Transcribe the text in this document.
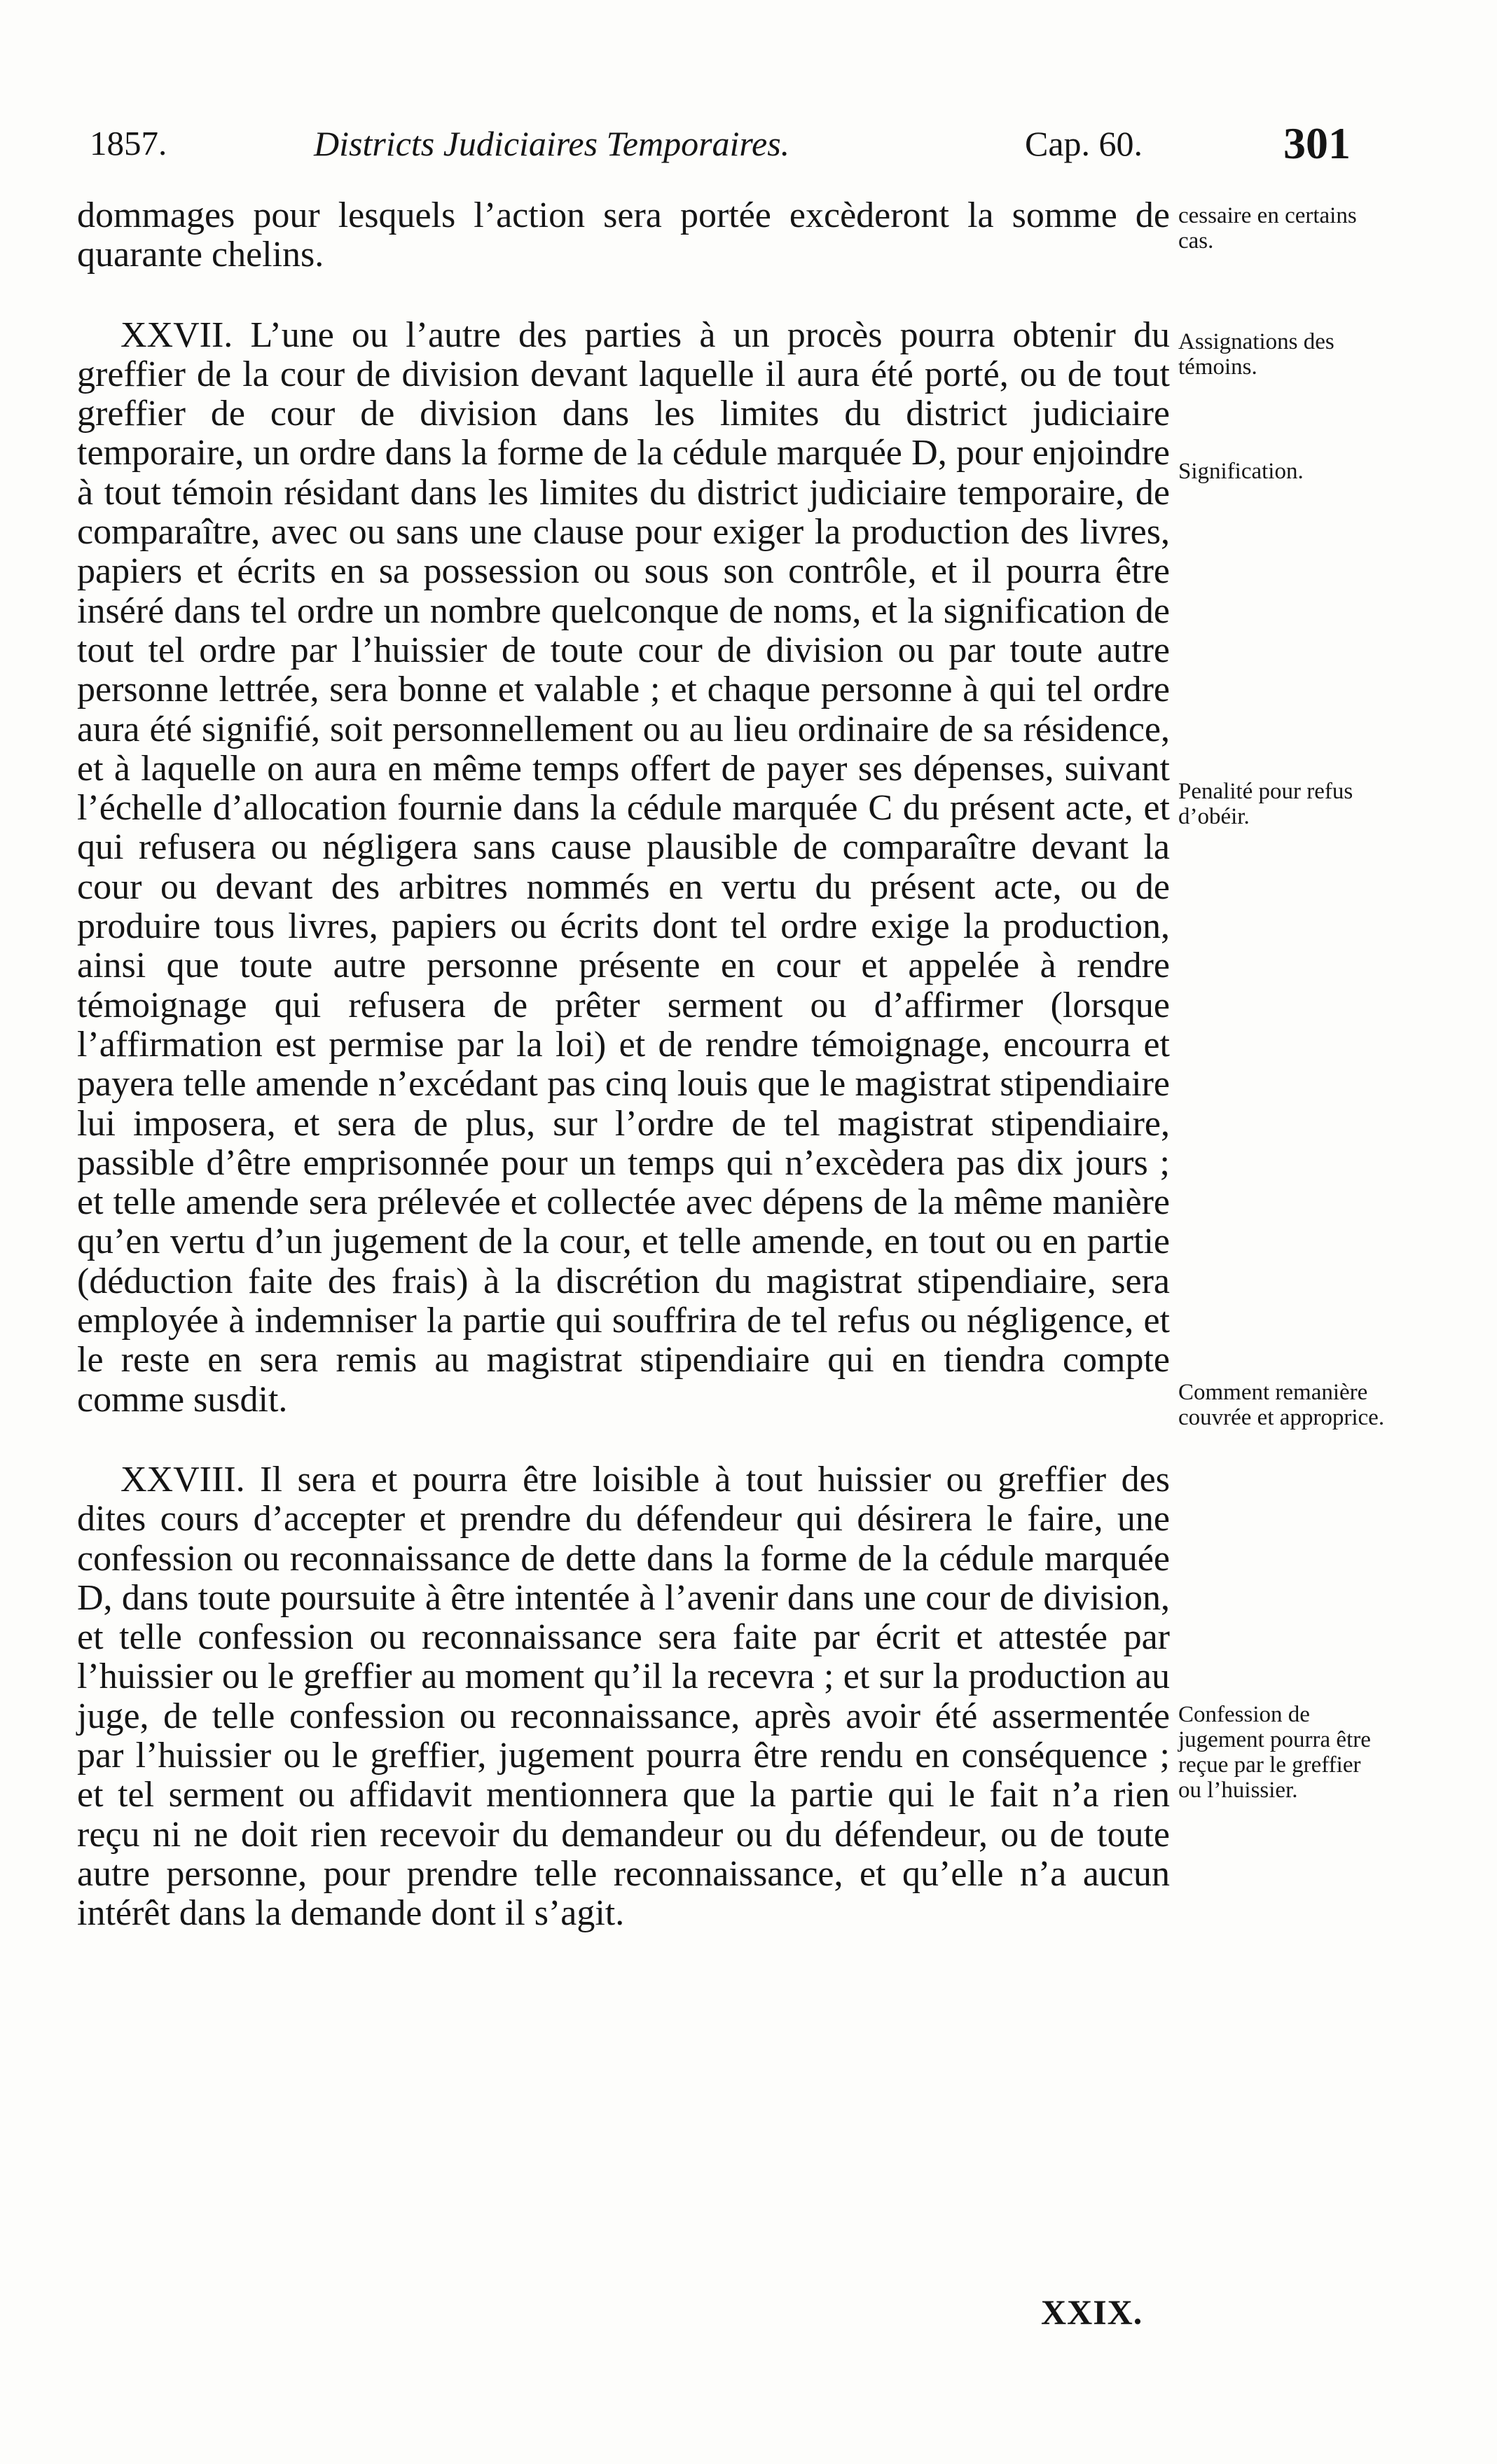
1857.	Districts Judiciaires Temporaires.	Cap. 60.	301

dommages pour lesquels l’action sera portée excèderont la somme de quarante chelins.

XXVII. L’une ou l’autre des parties à un procès pourra obtenir du greffier de la cour de division devant laquelle il aura été porté, ou de tout greffier de cour de division dans les limites du district judiciaire temporaire, un ordre dans la forme de la cédule marquée D, pour enjoindre à tout témoin résidant dans les limites du district judiciaire temporaire, de comparaître, avec ou sans une clause pour exiger la production des livres, papiers et écrits en sa possession ou sous son contrôle, et il pourra être inséré dans tel ordre un nombre quelconque de noms, et la signification de tout tel ordre par l’huissier de toute cour de division ou par toute autre personne lettrée, sera bonne et valable ; et chaque personne à qui tel ordre aura été signifié, soit personnellement ou au lieu ordinaire de sa résidence, et à laquelle on aura en même temps offert de payer ses dépenses, suivant l’échelle d’allocation fournie dans la cédule marquée C du présent acte, et qui refusera ou négligera sans cause plausible de comparaître devant la cour ou devant des arbitres nommés en vertu du présent acte, ou de produire tous livres, papiers ou écrits dont tel ordre exige la production, ainsi que toute autre personne présente en cour et appelée à rendre témoignage qui refusera de prêter serment ou d’affirmer (lorsque l’affirmation est permise par la loi) et de rendre témoignage, encourra et payera telle amende n’excédant pas cinq louis que le magistrat stipendiaire lui imposera, et sera de plus, sur l’ordre de tel magistrat stipendiaire, passible d’être emprisonnée pour un temps qui n’excèdera pas dix jours ; et telle amende sera prélevée et collectée avec dépens de la même manière qu’en vertu d’un jugement de la cour, et telle amende, en tout ou en partie (déduction faite des frais) à la discrétion du magistrat stipendiaire, sera employée à indemniser la partie qui souffrira de tel refus ou négligence, et le reste en sera remis au magistrat stipendiaire qui en tiendra compte comme susdit.

XXVIII. Il sera et pourra être loisible à tout huissier ou greffier des dites cours d’accepter et prendre du défendeur qui désirera le faire, une confession ou reconnaissance de dette dans la forme de la cédule marquée D, dans toute poursuite à être intentée à l’avenir dans une cour de division, et telle confession ou reconnaissance sera faite par écrit et attestée par l’huissier ou le greffier au moment qu’il la recevra ; et sur la production au juge, de telle confession ou reconnaissance, après avoir été assermentée par l’huissier ou le greffier, jugement pourra être rendu en conséquence ; et tel serment ou affidavit mentionnera que la partie qui le fait n’a rien reçu ni ne doit rien recevoir du demandeur ou du défendeur, ou de toute autre personne, pour prendre telle reconnaissance, et qu’elle n’a aucun intérêt dans la demande dont il s’agit.

cessaire en certains cas.
Assignations des témoins.
Signification.
Penalité pour refus d’obéir.
Comment remanière couvrée et approprice.
Confession de jugement pourra être reçue par le greffier ou l’huissier.
XXIX.
